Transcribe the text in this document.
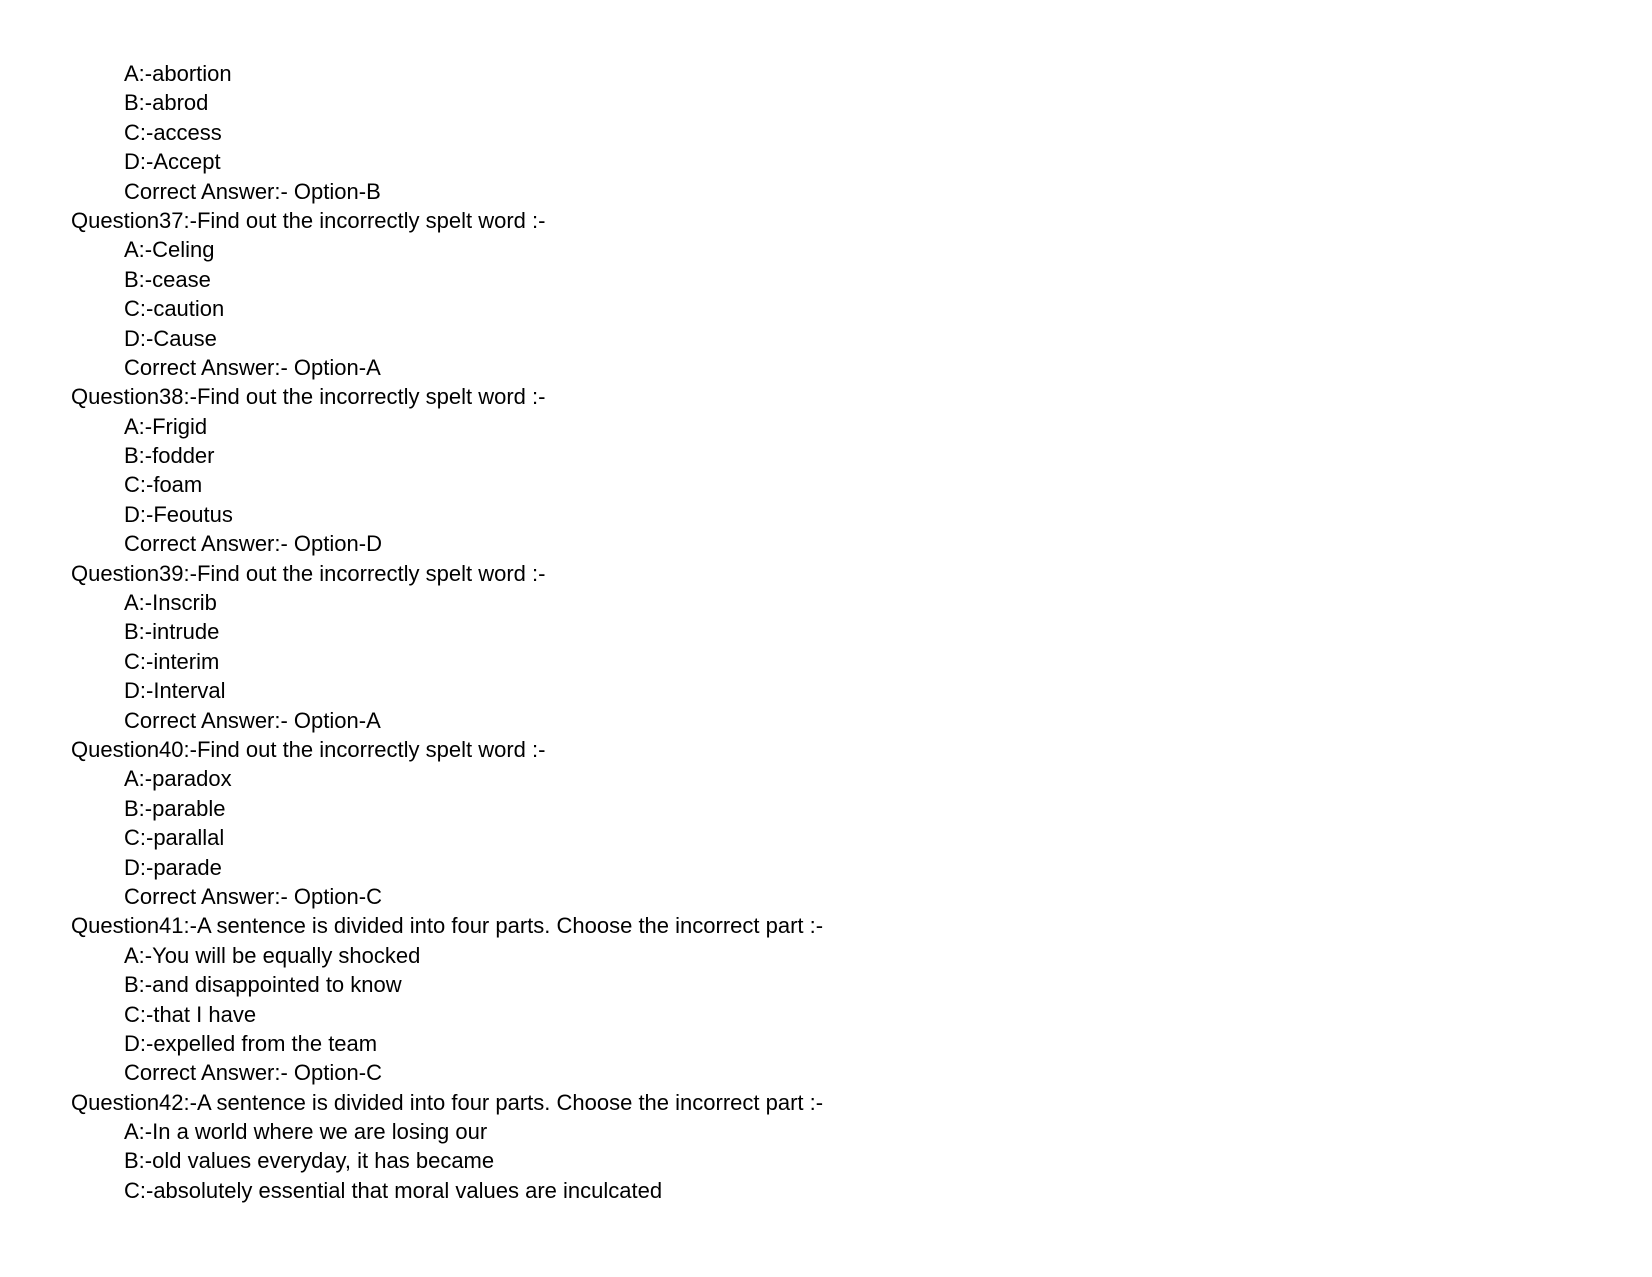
A:-abortion
B:-abrod
C:-access
D:-Accept
Correct Answer:- Option-B
Question37:-Find out the incorrectly spelt word :-
A:-Celing
B:-cease
C:-caution
D:-Cause
Correct Answer:- Option-A
Question38:-Find out the incorrectly spelt word :-
A:-Frigid
B:-fodder
C:-foam
D:-Feoutus
Correct Answer:- Option-D
Question39:-Find out the incorrectly spelt word :-
A:-Inscrib
B:-intrude
C:-interim
D:-Interval
Correct Answer:- Option-A
Question40:-Find out the incorrectly spelt word :-
A:-paradox
B:-parable
C:-parallal
D:-parade
Correct Answer:- Option-C
Question41:-A sentence is divided into four parts. Choose the incorrect part :-
A:-You will be equally shocked
B:-and disappointed to know
C:-that I have
D:-expelled from the team
Correct Answer:- Option-C
Question42:-A sentence is divided into four parts. Choose the incorrect part :-
A:-In a world where we are losing our
B:-old values everyday, it has became
C:-absolutely essential that moral values are inculcated
